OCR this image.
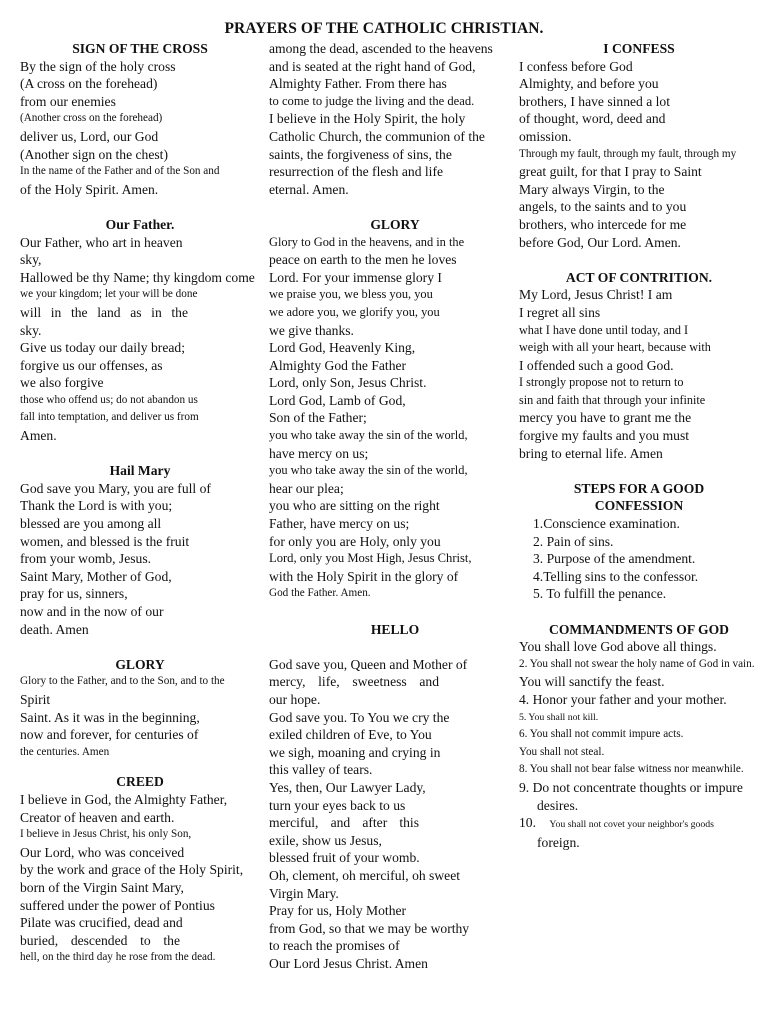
PRAYERS OF THE CATHOLIC CHRISTIAN.
SIGN OF THE CROSS
By the sign of the holy cross
(A cross on the forehead)
from our enemies
(Another cross on the forehead)
deliver us, Lord, our God
(Another sign on the chest)
In the name of the Father and of the Son and
of the Holy Spirit. Amen.
Our Father.
Our Father, who art in heaven
sky,
Hallowed be thy Name; thy kingdom come
we your kingdom; let your will be done
will in the land as in the
sky.
Give us today our daily bread;
forgive us our offenses, as
we also forgive
those who offend us; do not abandon us
fall into temptation, and deliver us from
Amen.
Hail Mary
God save you Mary, you are full of
Thank the Lord is with you;
blessed are you among all
women, and blessed is the fruit
from your womb, Jesus.
Saint Mary, Mother of God,
pray for us, sinners,
now and in the now of our
death. Amen
GLORY
Glory to the Father, and to the Son, and to the
Spirit
Saint. As it was in the beginning,
now and forever, for centuries of
the centuries. Amen
CREED
I believe in God, the Almighty Father,
Creator of heaven and earth.
I believe in Jesus Christ, his only Son,
Our Lord, who was conceived
by the work and grace of the Holy Spirit,
born of the Virgin Saint Mary,
suffered under the power of Pontius
Pilate was crucified, dead and
buried, descended to the
hell, on the third day he rose from the dead.
among the dead, ascended to the heavens
and is seated at the right hand of God,
Almighty Father. From there has
to come to judge the living and the dead.
I believe in the Holy Spirit, the holy
Catholic Church, the communion of the
saints, the forgiveness of sins, the
resurrection of the flesh and life
eternal. Amen.
GLORY
Glory to God in the heavens, and in the
peace on earth to the men he loves
Lord. For your immense glory I
we praise you, we bless you, you
we adore you, we glorify you, you
we give thanks.
Lord God, Heavenly King,
Almighty God the Father
Lord, only Son, Jesus Christ.
Lord God, Lamb of God,
Son of the Father;
you who take away the sin of the world,
have mercy on us;
you who take away the sin of the world,
hear our plea;
you who are sitting on the right
Father, have mercy on us;
for only you are Holy, only you
Lord, only you Most High, Jesus Christ,
with the Holy Spirit in the glory of
God the Father. Amen.
HELLO
God save you, Queen and Mother of
mercy, life, sweetness and
our hope.
God save you. To You we cry the
exiled children of Eve, to You
we sigh, moaning and crying in
this valley of tears.
Yes, then, Our Lawyer Lady,
turn your eyes back to us
merciful, and after this
exile, show us Jesus,
blessed fruit of your womb.
Oh, clement, oh merciful, oh sweet
Virgin Mary.
Pray for us, Holy Mother
from God, so that we may be worthy
to reach the promises of
Our Lord Jesus Christ. Amen
I CONFESS
I confess before God
Almighty, and before you
brothers, I have sinned a lot
of thought, word, deed and
omission.
Through my fault, through my fault, through my
great guilt, for that I pray to Saint
Mary always Virgin, to the
angels, to the saints and to you
brothers, who intercede for me
before God, Our Lord. Amen.
ACT OF CONTRITION.
My Lord, Jesus Christ! I am
I regret all sins
what I have done until today, and I
weigh with all your heart, because with
I offended such a good God.
I strongly propose not to return to
sin and faith that through your infinite
mercy you have to grant me the
forgive my faults and you must
bring to eternal life. Amen
STEPS FOR A GOOD
CONFESSION
1.Conscience examination.
2. Pain of sins.
3. Purpose of the amendment.
4.Telling sins to the confessor.
5. To fulfill the penance.
COMMANDMENTS OF GOD
You shall love God above all things.
2. You shall not swear the holy name of God in vain.
You will sanctify the feast.
4. Honor your father and your mother.
5. You shall not kill.
6. You shall not commit impure acts.
You shall not steal.
8. You shall not bear false witness nor meanwhile.
9. Do not concentrate thoughts or impure desires.
10. You shall not covet your neighbor's goods
foreign.
